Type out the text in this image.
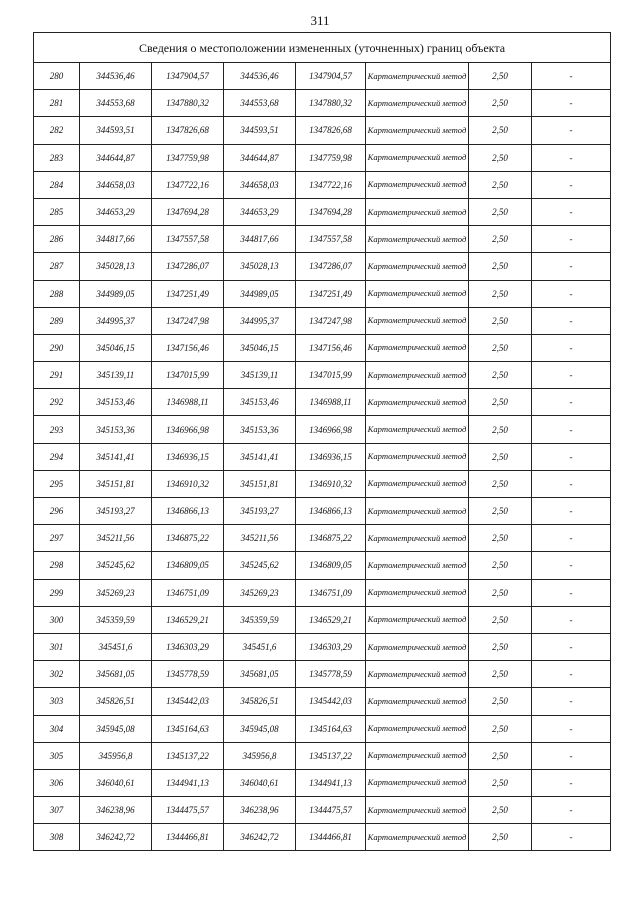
311
Сведения о местоположении измененных (уточненных) границ объекта							
280	344536,46	1347904,57	344536,46	1347904,57	Картометрический метод	2,50	-
281	344553,68	1347880,32	344553,68	1347880,32	Картометрический метод	2,50	-
282	344593,51	1347826,68	344593,51	1347826,68	Картометрический метод	2,50	-
283	344644,87	1347759,98	344644,87	1347759,98	Картометрический метод	2,50	-
284	344658,03	1347722,16	344658,03	1347722,16	Картометрический метод	2,50	-
285	344653,29	1347694,28	344653,29	1347694,28	Картометрический метод	2,50	-
286	344817,66	1347557,58	344817,66	1347557,58	Картометрический метод	2,50	-
287	345028,13	1347286,07	345028,13	1347286,07	Картометрический метод	2,50	-
288	344989,05	1347251,49	344989,05	1347251,49	Картометрический метод	2,50	-
289	344995,37	1347247,98	344995,37	1347247,98	Картометрический метод	2,50	-
290	345046,15	1347156,46	345046,15	1347156,46	Картометрический метод	2,50	-
291	345139,11	1347015,99	345139,11	1347015,99	Картометрический метод	2,50	-
292	345153,46	1346988,11	345153,46	1346988,11	Картометрический метод	2,50	-
293	345153,36	1346966,98	345153,36	1346966,98	Картометрический метод	2,50	-
294	345141,41	1346936,15	345141,41	1346936,15	Картометрический метод	2,50	-
295	345151,81	1346910,32	345151,81	1346910,32	Картометрический метод	2,50	-
296	345193,27	1346866,13	345193,27	1346866,13	Картометрический метод	2,50	-
297	345211,56	1346875,22	345211,56	1346875,22	Картометрический метод	2,50	-
298	345245,62	1346809,05	345245,62	1346809,05	Картометрический метод	2,50	-
299	345269,23	1346751,09	345269,23	1346751,09	Картометрический метод	2,50	-
300	345359,59	1346529,21	345359,59	1346529,21	Картометрический метод	2,50	-
301	345451,6	1346303,29	345451,6	1346303,29	Картометрический метод	2,50	-
302	345681,05	1345778,59	345681,05	1345778,59	Картометрический метод	2,50	-
303	345826,51	1345442,03	345826,51	1345442,03	Картометрический метод	2,50	-
304	345945,08	1345164,63	345945,08	1345164,63	Картометрический метод	2,50	-
305	345956,8	1345137,22	345956,8	1345137,22	Картометрический метод	2,50	-
306	346040,61	1344941,13	346040,61	1344941,13	Картометрический метод	2,50	-
307	346238,96	1344475,57	346238,96	1344475,57	Картометрический метод	2,50	-
308	346242,72	1344466,81	346242,72	1344466,81	Картометрический метод	2,50	-
